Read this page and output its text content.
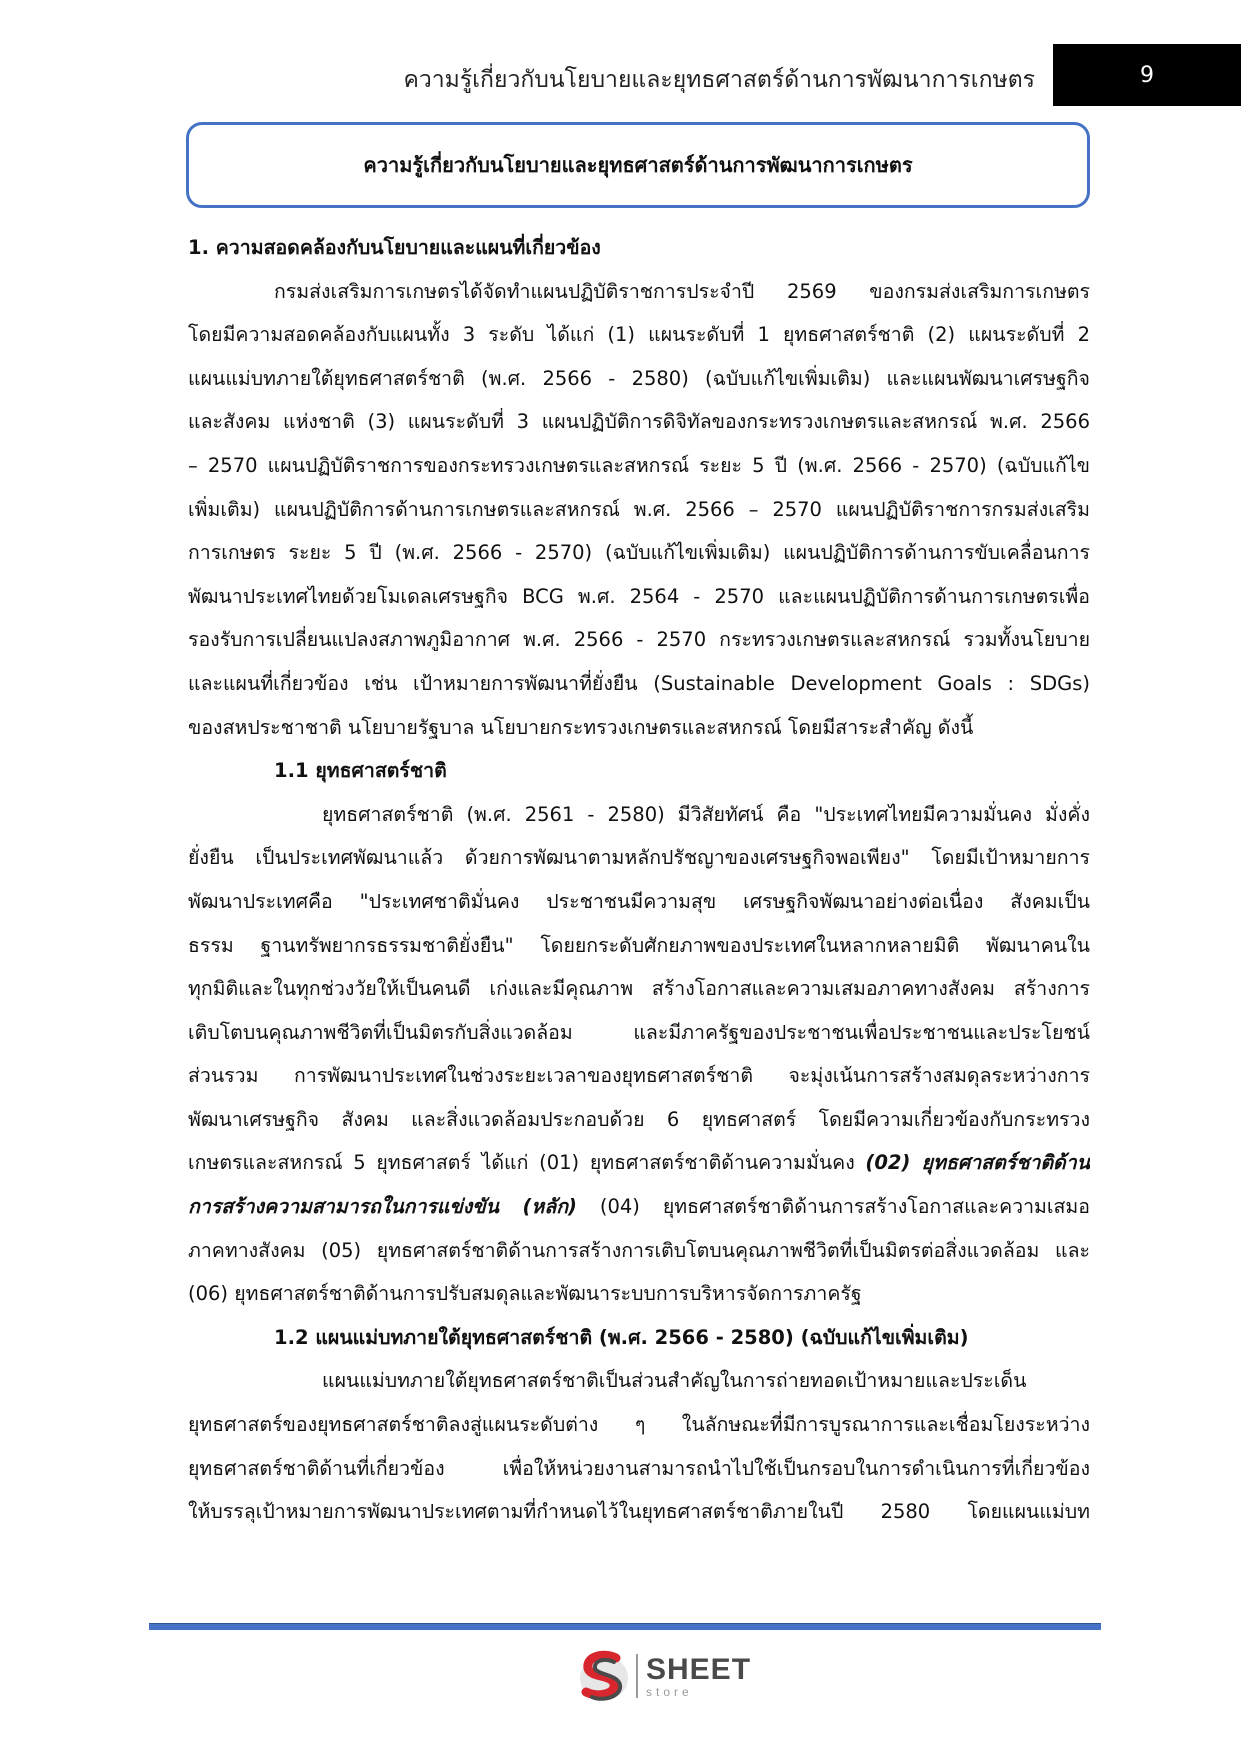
ความรู้เกี่ยวกับนโยบายและยุทธศาสตร์ด้านการพัฒนาการเกษตร	9
ความรู้เกี่ยวกับนโยบายและยุทธศาสตร์ด้านการพัฒนาการเกษตร
1. ความสอดคล้องกับนโยบายและแผนที่เกี่ยวข้อง
กรมส่งเสริมการเกษตรได้จัดทำแผนปฏิบัติราชการประจำปี 2569 ของกรมส่งเสริมการเกษตร
โดยมีความสอดคล้องกับแผนทั้ง 3 ระดับ ได้แก่ (1) แผนระดับที่ 1 ยุทธศาสตร์ชาติ (2) แผนระดับที่ 2
แผนแม่บทภายใต้ยุทธศาสตร์ชาติ (พ.ศ. 2566 - 2580) (ฉบับแก้ไขเพิ่มเติม) และแผนพัฒนาเศรษฐกิจ
และสังคม แห่งชาติ (3) แผนระดับที่ 3 แผนปฏิบัติการดิจิทัลของกระทรวงเกษตรและสหกรณ์ พ.ศ. 2566
– 2570 แผนปฏิบัติราชการของกระทรวงเกษตรและสหกรณ์ ระยะ 5 ปี (พ.ศ. 2566 - 2570) (ฉบับแก้ไข
เพิ่มเติม) แผนปฏิบัติการด้านการเกษตรและสหกรณ์ พ.ศ. 2566 – 2570 แผนปฏิบัติราชการกรมส่งเสริม
การเกษตร ระยะ 5 ปี (พ.ศ. 2566 - 2570) (ฉบับแก้ไขเพิ่มเติม) แผนปฏิบัติการด้านการขับเคลื่อนการ
พัฒนาประเทศไทยด้วยโมเดลเศรษฐกิจ BCG พ.ศ. 2564 - 2570 และแผนปฏิบัติการด้านการเกษตรเพื่อ
รองรับการเปลี่ยนแปลงสภาพภูมิอากาศ พ.ศ. 2566 - 2570 กระทรวงเกษตรและสหกรณ์ รวมทั้งนโยบาย
และแผนที่เกี่ยวข้อง เช่น เป้าหมายการพัฒนาที่ยั่งยืน (Sustainable Development Goals : SDGs)
ของสหประชาชาติ นโยบายรัฐบาล นโยบายกระทรวงเกษตรและสหกรณ์ โดยมีสาระสำคัญ ดังนี้
1.1 ยุทธศาสตร์ชาติ
ยุทธศาสตร์ชาติ (พ.ศ. 2561 - 2580) มีวิสัยทัศน์ คือ "ประเทศไทยมีความมั่นคง มั่งคั่ง
ยั่งยืน เป็นประเทศพัฒนาแล้ว ด้วยการพัฒนาตามหลักปรัชญาของเศรษฐกิจพอเพียง" โดยมีเป้าหมายการ
พัฒนาประเทศคือ "ประเทศชาติมั่นคง ประชาชนมีความสุข เศรษฐกิจพัฒนาอย่างต่อเนื่อง สังคมเป็น
ธรรม ฐานทรัพยากรธรรมชาติยั่งยืน" โดยยกระดับศักยภาพของประเทศในหลากหลายมิติ พัฒนาคนใน
ทุกมิติและในทุกช่วงวัยให้เป็นคนดี เก่งและมีคุณภาพ สร้างโอกาสและความเสมอภาคทางสังคม สร้างการ
เติบโตบนคุณภาพชีวิตที่เป็นมิตรกับสิ่งแวดล้อม และมีภาครัฐของประชาชนเพื่อประชาชนและประโยชน์
ส่วนรวม การพัฒนาประเทศในช่วงระยะเวลาของยุทธศาสตร์ชาติ จะมุ่งเน้นการสร้างสมดุลระหว่างการ
พัฒนาเศรษฐกิจ สังคม และสิ่งแวดล้อมประกอบด้วย 6 ยุทธศาสตร์ โดยมีความเกี่ยวข้องกับกระทรวง
เกษตรและสหกรณ์ 5 ยุทธศาสตร์ ได้แก่ (01) ยุทธศาสตร์ชาติด้านความมั่นคง (02) ยุทธศาสตร์ชาติด้าน
การสร้างความสามารถในการแข่งขัน (หลัก) (04) ยุทธศาสตร์ชาติด้านการสร้างโอกาสและความเสมอ
ภาคทางสังคม (05) ยุทธศาสตร์ชาติด้านการสร้างการเติบโตบนคุณภาพชีวิตที่เป็นมิตรต่อสิ่งแวดล้อม และ
(06) ยุทธศาสตร์ชาติด้านการปรับสมดุลและพัฒนาระบบการบริหารจัดการภาครัฐ
1.2 แผนแม่บทภายใต้ยุทธศาสตร์ชาติ (พ.ศ. 2566 - 2580) (ฉบับแก้ไขเพิ่มเติม)
แผนแม่บทภายใต้ยุทธศาสตร์ชาติเป็นส่วนสำคัญในการถ่ายทอดเป้าหมายและประเด็น
ยุทธศาสตร์ของยุทธศาสตร์ชาติลงสู่แผนระดับต่าง ๆ ในลักษณะที่มีการบูรณาการและเชื่อมโยงระหว่าง
ยุทธศาสตร์ชาติด้านที่เกี่ยวข้อง เพื่อให้หน่วยงานสามารถนำไปใช้เป็นกรอบในการดำเนินการที่เกี่ยวข้อง
ให้บรรลุเป้าหมายการพัฒนาประเทศตามที่กำหนดไว้ในยุทธศาสตร์ชาติภายในปี 2580 โดยแผนแม่บท
SHEET
store
